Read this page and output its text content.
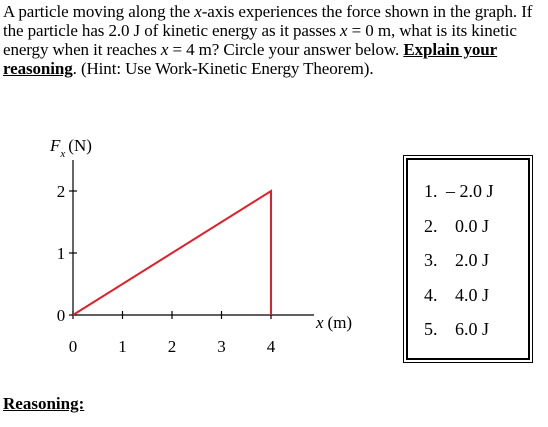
A particle moving along the x-axis experiences the force shown in the graph. If the particle has 2.0 J of kinetic energy as it passes x = 0 m, what is its kinetic energy when it reaches x = 4 m? Circle your answer below. Explain your reasoning. (Hint: Use Work-Kinetic Energy Theorem).
0
1
2
0 1 2 3 4
$F_x$ (N)
x (m)
1. – 2.0 J
2.  0.0 J
3.  2.0 J
4.  4.0 J
5.  6.0 J
Reasoning:
